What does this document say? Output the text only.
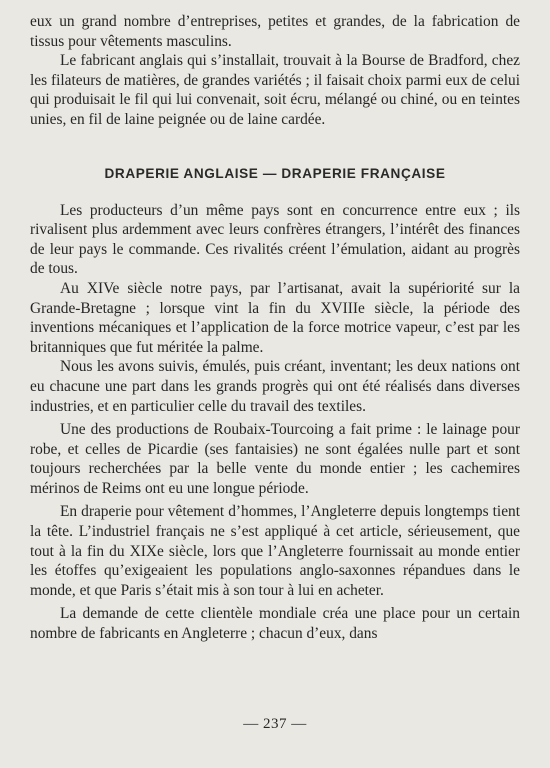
eux un grand nombre d’entreprises, petites et grandes, de la fabrication de tissus pour vêtements masculins.

Le fabricant anglais qui s’installait, trouvait à la Bourse de Bradford, chez les filateurs de matières, de grandes variétés ; il faisait choix parmi eux de celui qui produisait le fil qui lui convenait, soit écru, mélangé ou chiné, ou en teintes unies, en fil de laine peignée ou de laine cardée.

DRAPERIE ANGLAISE — DRAPERIE FRANÇAISE

Les producteurs d’un même pays sont en concurrence entre eux ; ils rivalisent plus ardemment avec leurs confrères étrangers, l’intérêt des finances de leur pays le commande. Ces rivalités créent l’émulation, aidant au progrès de tous.

Au XIVe siècle notre pays, par l’artisanat, avait la supériorité sur la Grande-Bretagne ; lorsque vint la fin du XVIIIe siècle, la période des inventions mécaniques et l’application de la force motrice vapeur, c’est par les britanniques que fut méritée la palme.

Nous les avons suivis, émulés, puis créant, inventant; les deux nations ont eu chacune une part dans les grands progrès qui ont été réalisés dans diverses industries, et en particulier celle du travail des textiles.

Une des productions de Roubaix-Tourcoing a fait prime : le lainage pour robe, et celles de Picardie (ses fantaisies) ne sont égalées nulle part et sont toujours recherchées par la belle vente du monde entier ; les cachemires mérinos de Reims ont eu une longue période.

En draperie pour vêtement d’hommes, l’Angleterre depuis longtemps tient la tête. L’industriel français ne s’est appliqué à cet article, sérieusement, que tout à la fin du XIXe siècle, lors que l’Angleterre fournissait au monde entier les étoffes qu’exigeaient les populations anglo-saxonnes répandues dans le monde, et que Paris s’était mis à son tour à lui en acheter.

La demande de cette clientèle mondiale créa une place pour un certain nombre de fabricants en Angleterre ; chacun d’eux, dans

— 237 —
